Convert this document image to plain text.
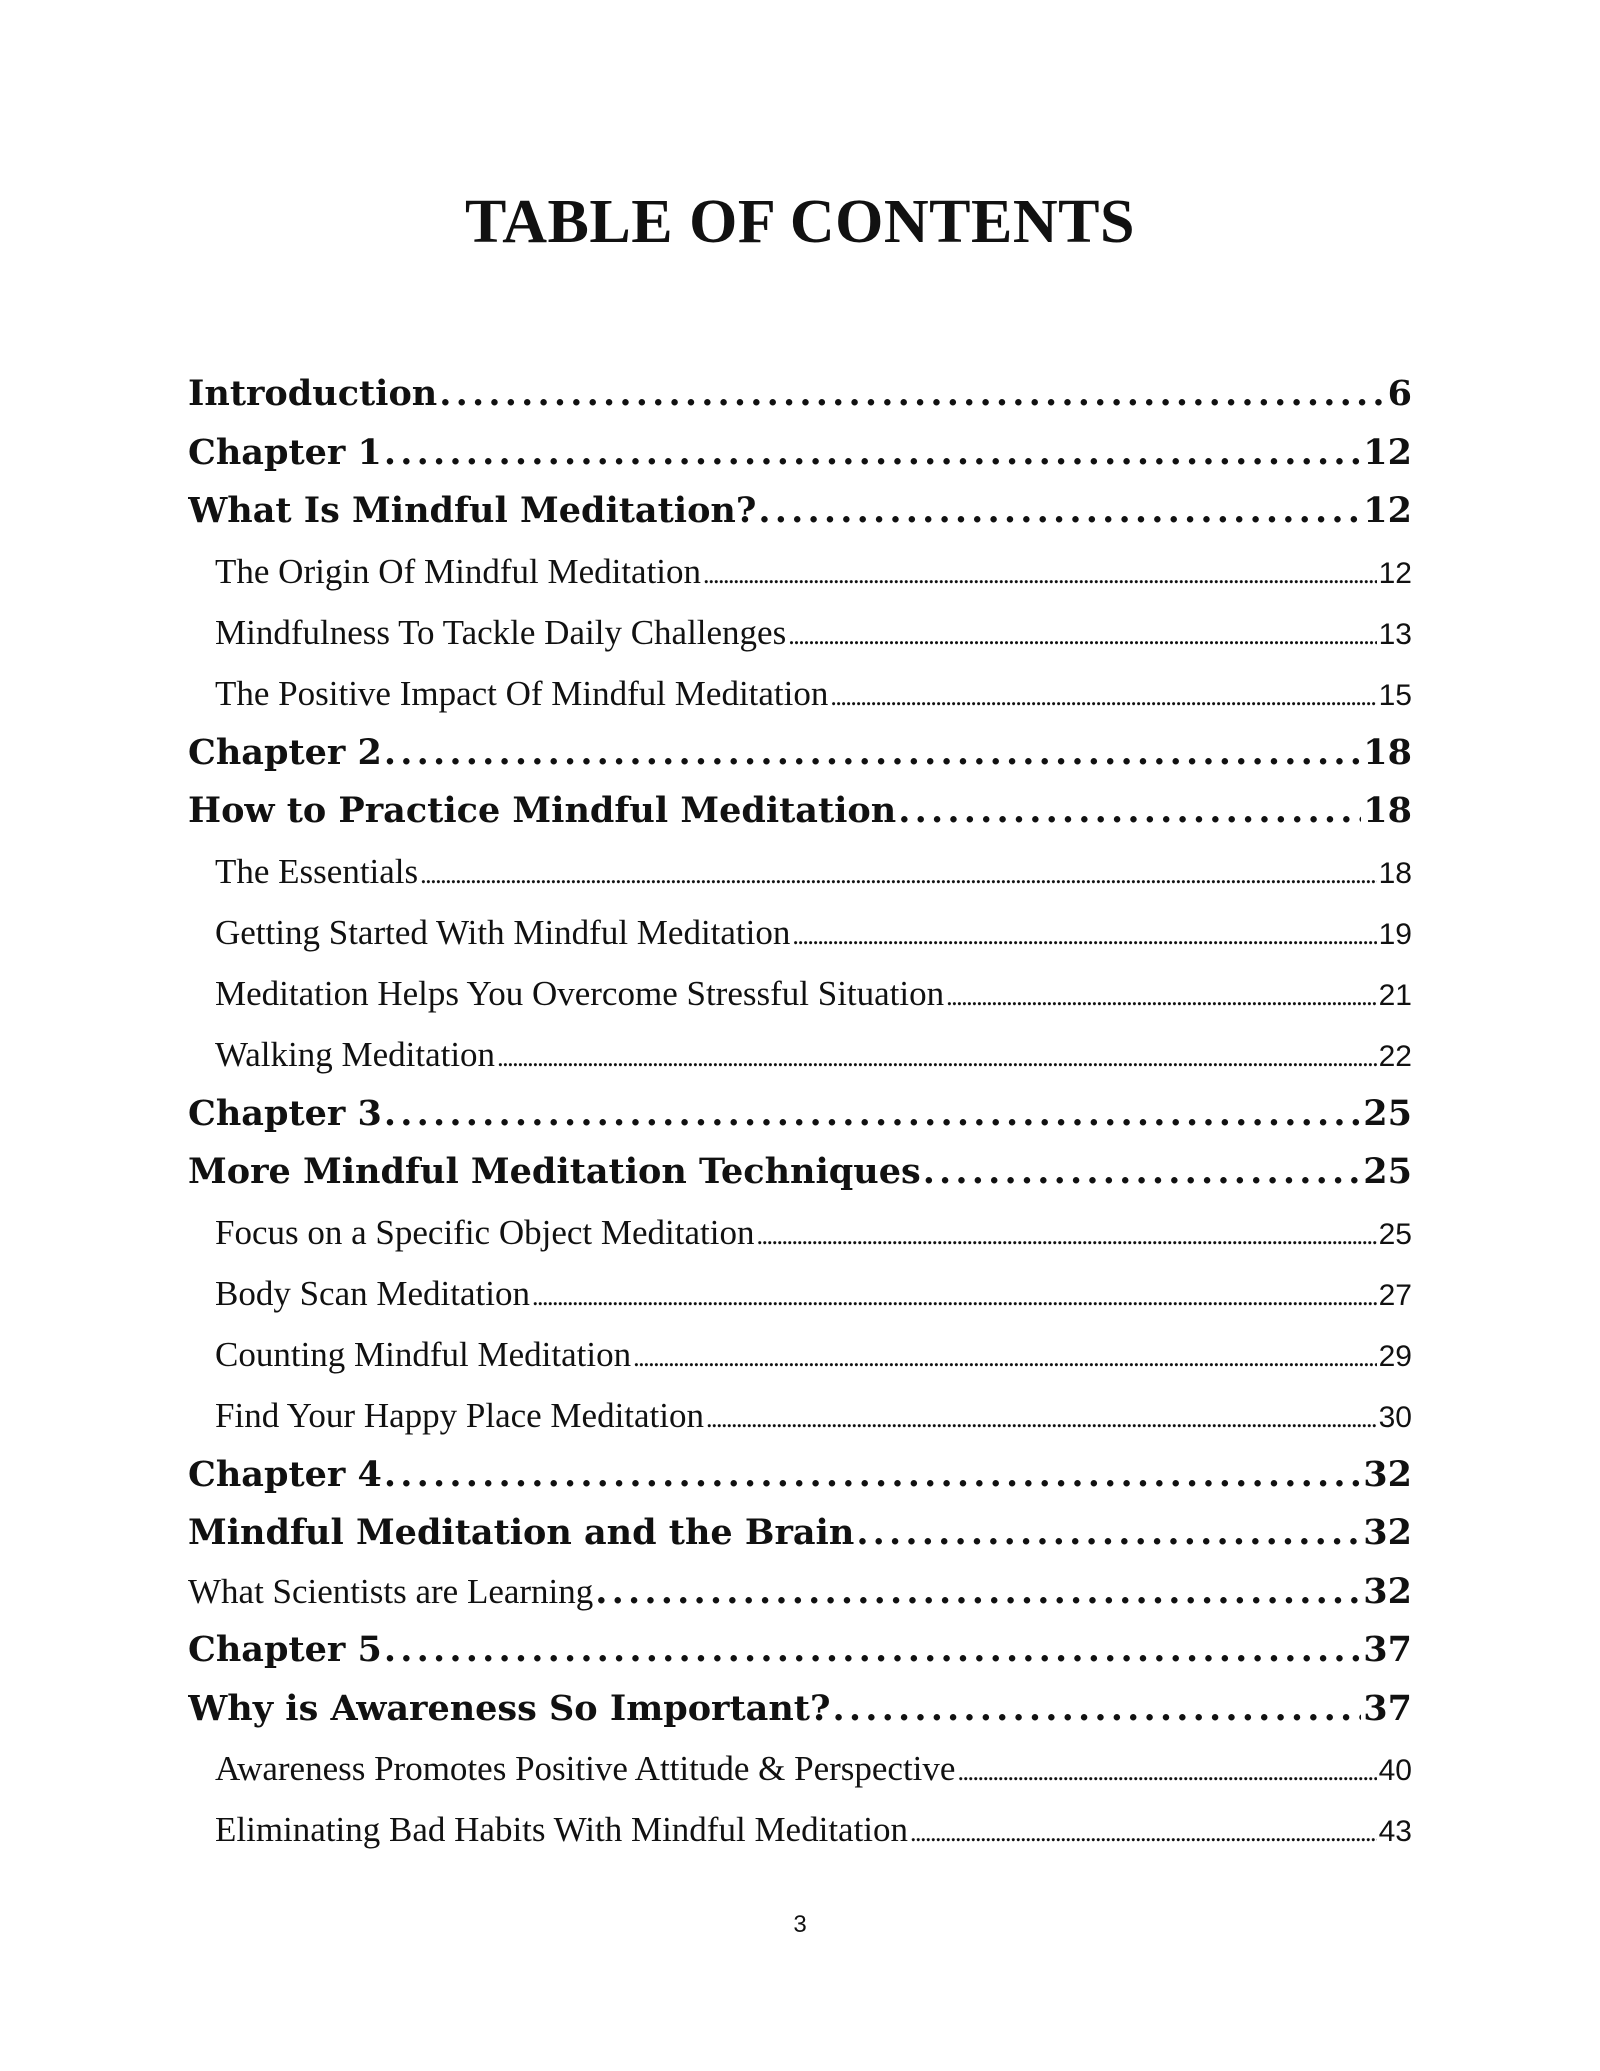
TABLE OF CONTENTS
Introduction . . .	6
Chapter 1 . . .	12
What Is Mindful Meditation? . . .	12
The Origin Of Mindful Meditation . . .	12
Mindfulness To Tackle Daily Challenges . . .	13
The Positive Impact Of Mindful Meditation . . .	15
Chapter 2 . . .	18
How to Practice Mindful Meditation . . .	18
The Essentials . . .	18
Getting Started With Mindful Meditation . . .	19
Meditation Helps You Overcome Stressful Situation . . .	21
Walking Meditation . . .	22
Chapter 3 . . .	25
More Mindful Meditation Techniques . . .	25
Focus on a Specific Object Meditation . . .	25
Body Scan Meditation . . .	27
Counting Mindful Meditation . . .	29
Find Your Happy Place Meditation . . .	30
Chapter 4 . . .	32
Mindful Meditation and the Brain . . .	32
What Scientists are Learning . . .	32
Chapter 5 . . .	37
Why is Awareness So Important? . . .	37
Awareness Promotes Positive Attitude & Perspective . . .	40
Eliminating Bad Habits With Mindful Meditation . . .	43
3
